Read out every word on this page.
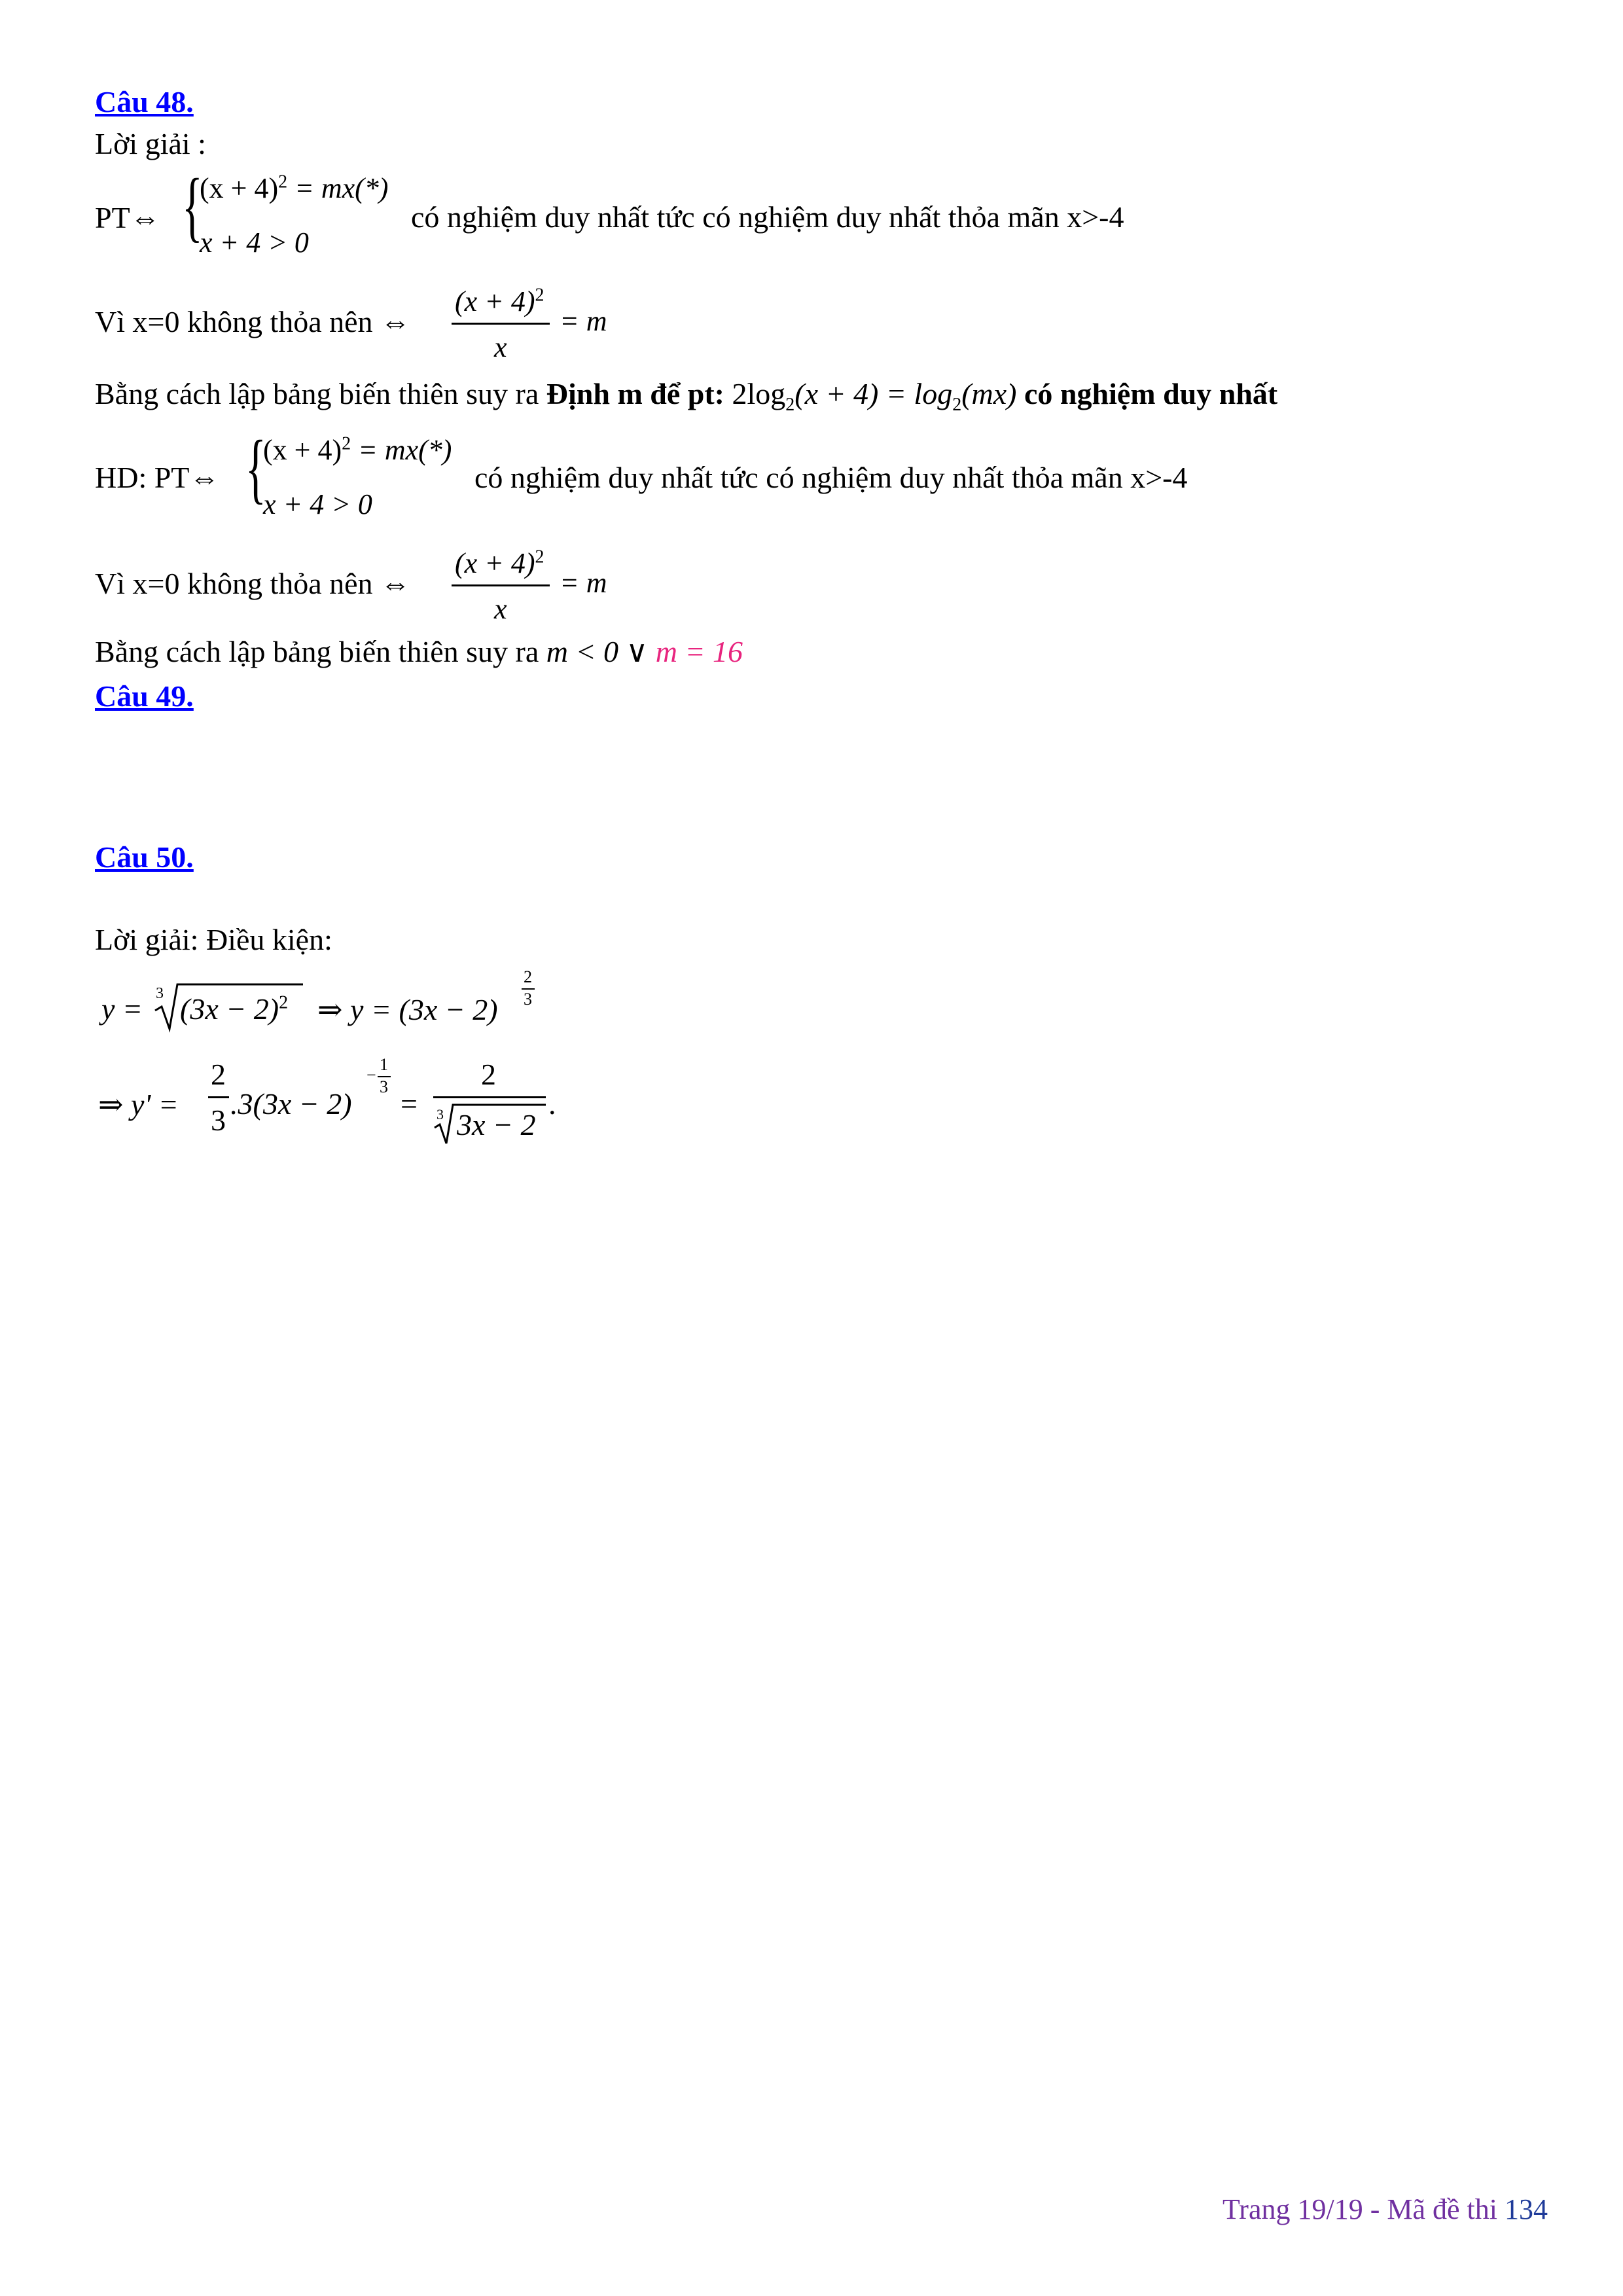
Câu 48.
Lời giải :
PT⇔ {
$(x + 4)^2 = mx(*)$
x + 4 > 0
có nghiệm duy nhất tức có nghiệm duy nhất thỏa mãn x>-4
Vì x=0 không thỏa nên ⇔
$(x + 4)^2$
x
= m
Bằng cách lập bảng biến thiên suy ra Định m để pt: $2\log_2(x + 4) = \log_2(mx)$ có nghiệm duy nhất
HD: PT⇔ {
$(x + 4)^2 = mx(*)$
x + 4 > 0
có nghiệm duy nhất tức có nghiệm duy nhất thỏa mãn x>-4
Vì x=0 không thỏa nên ⇔
$(x + 4)^2$
x
= m
Bằng cách lập bảng biến thiên suy ra m < 0 ∨ m = 16
Câu 49.
Câu 50.
Lời giải: Điều kiện:
y = 3 $(3x - 2)^2$ ⇒ y = (3x − 2)
2
3
⇒ y' =
2
3 .3(3x − 2)
−
1
3
=
2
3 3x − 2
.
Trang 19/19 - Mã đề thi 134
